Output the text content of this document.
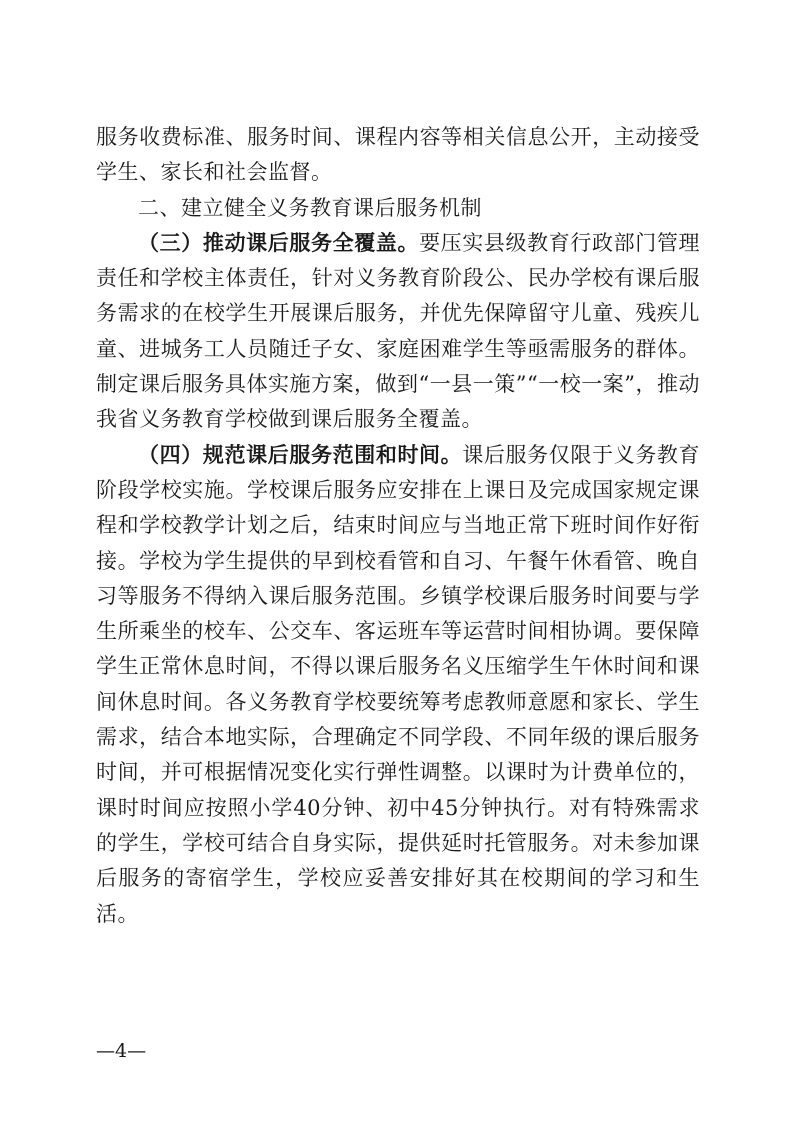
服务收费标准、服务时间、课程内容等相关信息公开，主动接受学生、家长和社会监督。

二、建立健全义务教育课后服务机制

（三）推动课后服务全覆盖。要压实县级教育行政部门管理责任和学校主体责任，针对义务教育阶段公、民办学校有课后服务需求的在校学生开展课后服务，并优先保障留守儿童、残疾儿童、进城务工人员随迁子女、家庭困难学生等亟需服务的群体。制定课后服务具体实施方案，做到“一县一策”“一校一案”，推动我省义务教育学校做到课后服务全覆盖。

（四）规范课后服务范围和时间。课后服务仅限于义务教育阶段学校实施。学校课后服务应安排在上课日及完成国家规定课程和学校教学计划之后，结束时间应与当地正常下班时间作好衔接。学校为学生提供的早到校看管和自习、午餐午休看管、晚自习等服务不得纳入课后服务范围。乡镇学校课后服务时间要与学生所乘坐的校车、公交车、客运班车等运营时间相协调。要保障学生正常休息时间，不得以课后服务名义压缩学生午休时间和课间休息时间。各义务教育学校要统筹考虑教师意愿和家长、学生需求，结合本地实际，合理确定不同学段、不同年级的课后服务时间，并可根据情况变化实行弹性调整。以课时为计费单位的，课时时间应按照小学40分钟、初中45分钟执行。对有特殊需求的学生，学校可结合自身实际，提供延时托管服务。对未参加课后服务的寄宿学生，学校应妥善安排好其在校期间的学习和生活。

—4—
